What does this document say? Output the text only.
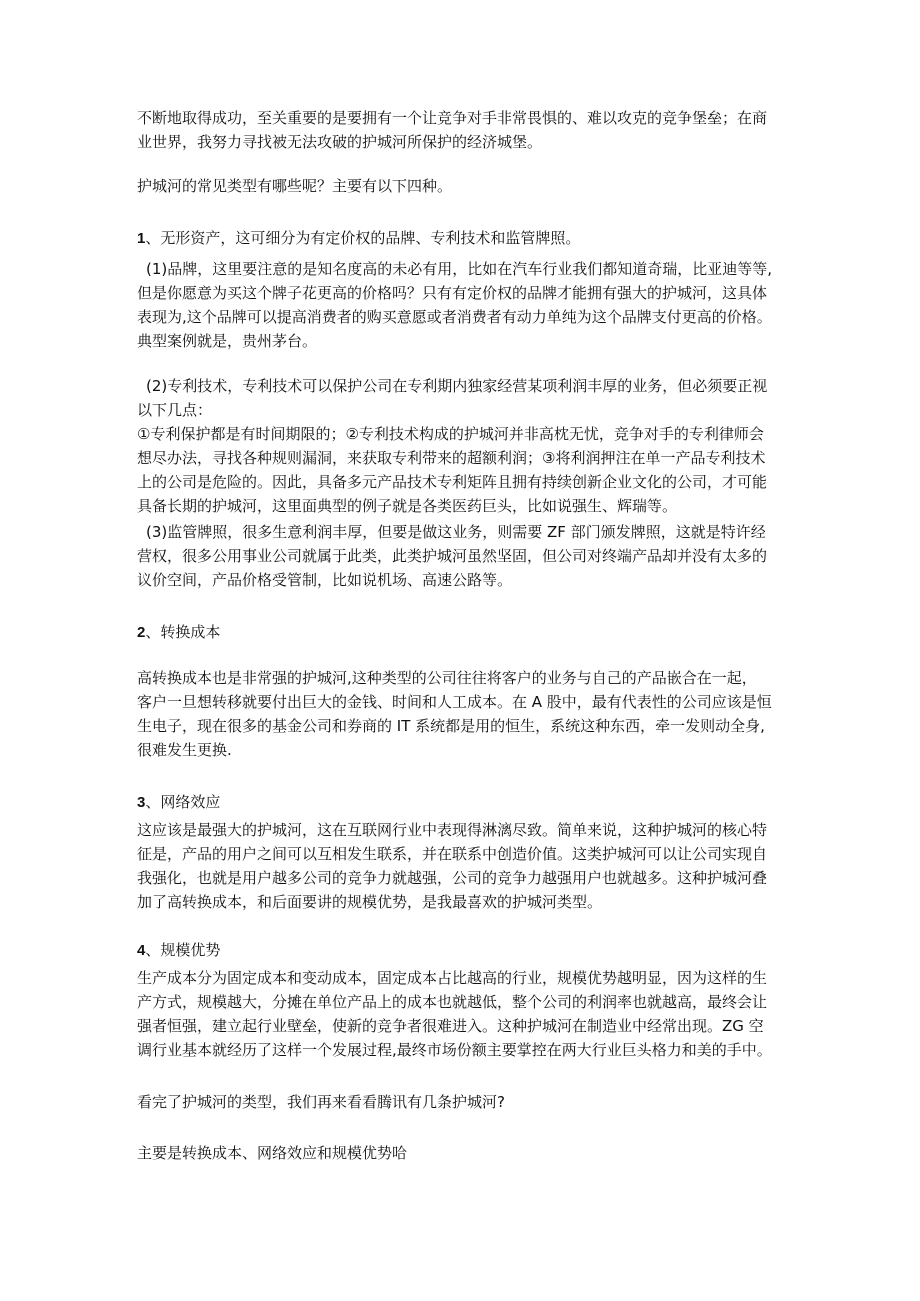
不断地取得成功，至关重要的是要拥有一个让竞争对手非常畏惧的、难以攻克的竞争堡垒；在商
业世界，我努力寻找被无法攻破的护城河所保护的经济城堡。
护城河的常见类型有哪些呢？主要有以下四种。
1、无形资产，这可细分为有定价权的品牌、专利技术和监管牌照。
(1)品牌，这里要注意的是知名度高的未必有用，比如在汽车行业我们都知道奇瑞，比亚迪等等,
但是你愿意为买这个牌子花更高的价格吗？只有有定价权的品牌才能拥有强大的护城河，这具体
表现为,这个品牌可以提高消费者的购买意愿或者消费者有动力单纯为这个品牌支付更高的价格。
典型案例就是，贵州茅台。
(2)专利技术，专利技术可以保护公司在专利期内独家经营某项利润丰厚的业务，但必须要正视
以下几点：
①专利保护都是有时间期限的；②专利技术构成的护城河并非高枕无忧，竞争对手的专利律师会
想尽办法，寻找各种规则漏洞，来获取专利带来的超额利润；③将利润押注在单一产品专利技术
上的公司是危险的。因此，具备多元产品技术专利矩阵且拥有持续创新企业文化的公司，才可能
具备长期的护城河，这里面典型的例子就是各类医药巨头，比如说强生、辉瑞等。
(3)监管牌照，很多生意利润丰厚，但要是做这业务，则需要 ZF 部门颁发牌照，这就是特许经
营权，很多公用事业公司就属于此类，此类护城河虽然坚固，但公司对终端产品却并没有太多的
议价空间，产品价格受管制，比如说机场、高速公路等。
2、转换成本
高转换成本也是非常强的护城河,这种类型的公司往往将客户的业务与自己的产品嵌合在一起，
客户一旦想转移就要付出巨大的金钱、时间和人工成本。在 A 股中，最有代表性的公司应该是恒
生电子，现在很多的基金公司和券商的 IT 系统都是用的恒生，系统这种东西，牵一发则动全身,
很难发生更换.
3、网络效应
这应该是最强大的护城河，这在互联网行业中表现得淋漓尽致。简单来说，这种护城河的核心特
征是，产品的用户之间可以互相发生联系，并在联系中创造价值。这类护城河可以让公司实现自
我强化，也就是用户越多公司的竞争力就越强，公司的竞争力越强用户也就越多。这种护城河叠
加了高转换成本，和后面要讲的规模优势，是我最喜欢的护城河类型。
4、规模优势
生产成本分为固定成本和变动成本，固定成本占比越高的行业，规模优势越明显，因为这样的生
产方式，规模越大，分摊在单位产品上的成本也就越低，整个公司的利润率也就越高，最终会让
强者恒强，建立起行业壁垒，使新的竞争者很难进入。这种护城河在制造业中经常出现。ZG 空
调行业基本就经历了这样一个发展过程,最终市场份额主要掌控在两大行业巨头格力和美的手中。
看完了护城河的类型，我们再来看看腾讯有几条护城河?
主要是转换成本、网络效应和规模优势哈
